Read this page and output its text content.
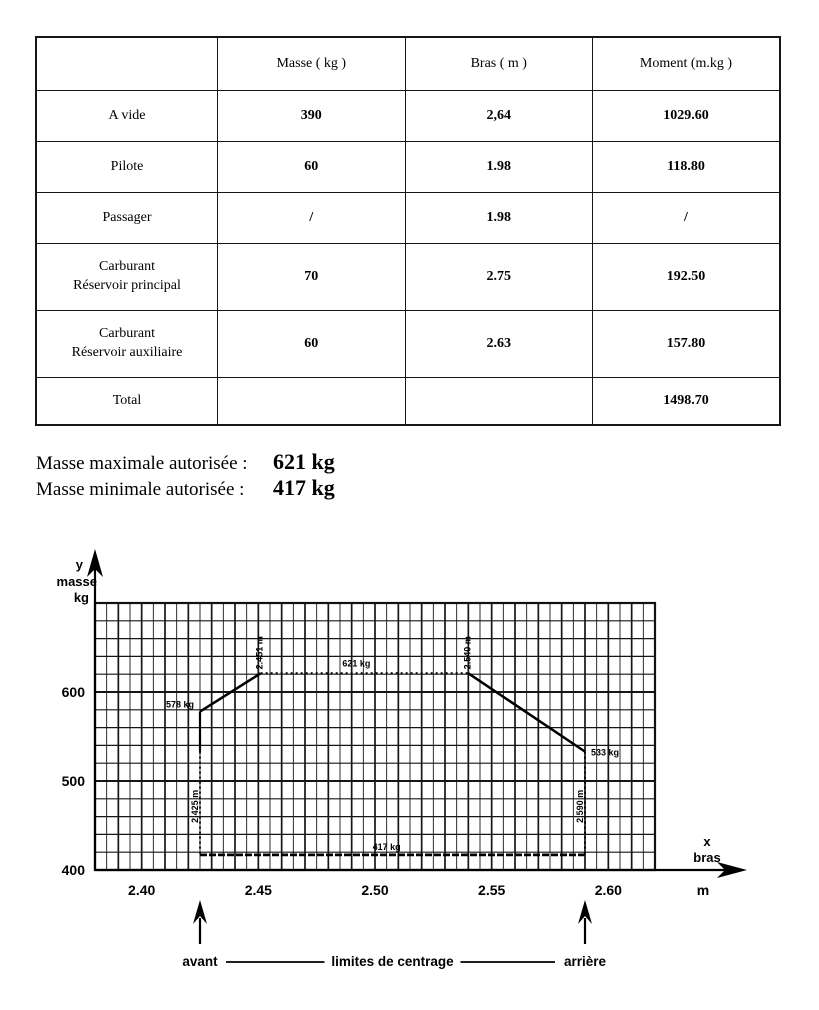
	Masse ( kg )	Bras ( m )	Moment (m.kg )

A vide	390	2,64	1029.60

Pilote	60	1.98	118.80

Passager	/	1.98	/

Carburant
Réservoir principal	70	2.75	192.50

Carburant
Réservoir auxiliaire	60	2.63	157.80

Total			1498.70
Masse maximale autorisée :	621 kg
Masse minimale autorisée :	417 kg
2.40	2.45	2.50	2.55	2.60
400
500
600
y
masse
kg
x
bras
m
578 kg
2.451 m	621 kg	2.540 m
533 kg
2.590 m
2.425 m
417 kg
avant	limites de centrage	arrière
